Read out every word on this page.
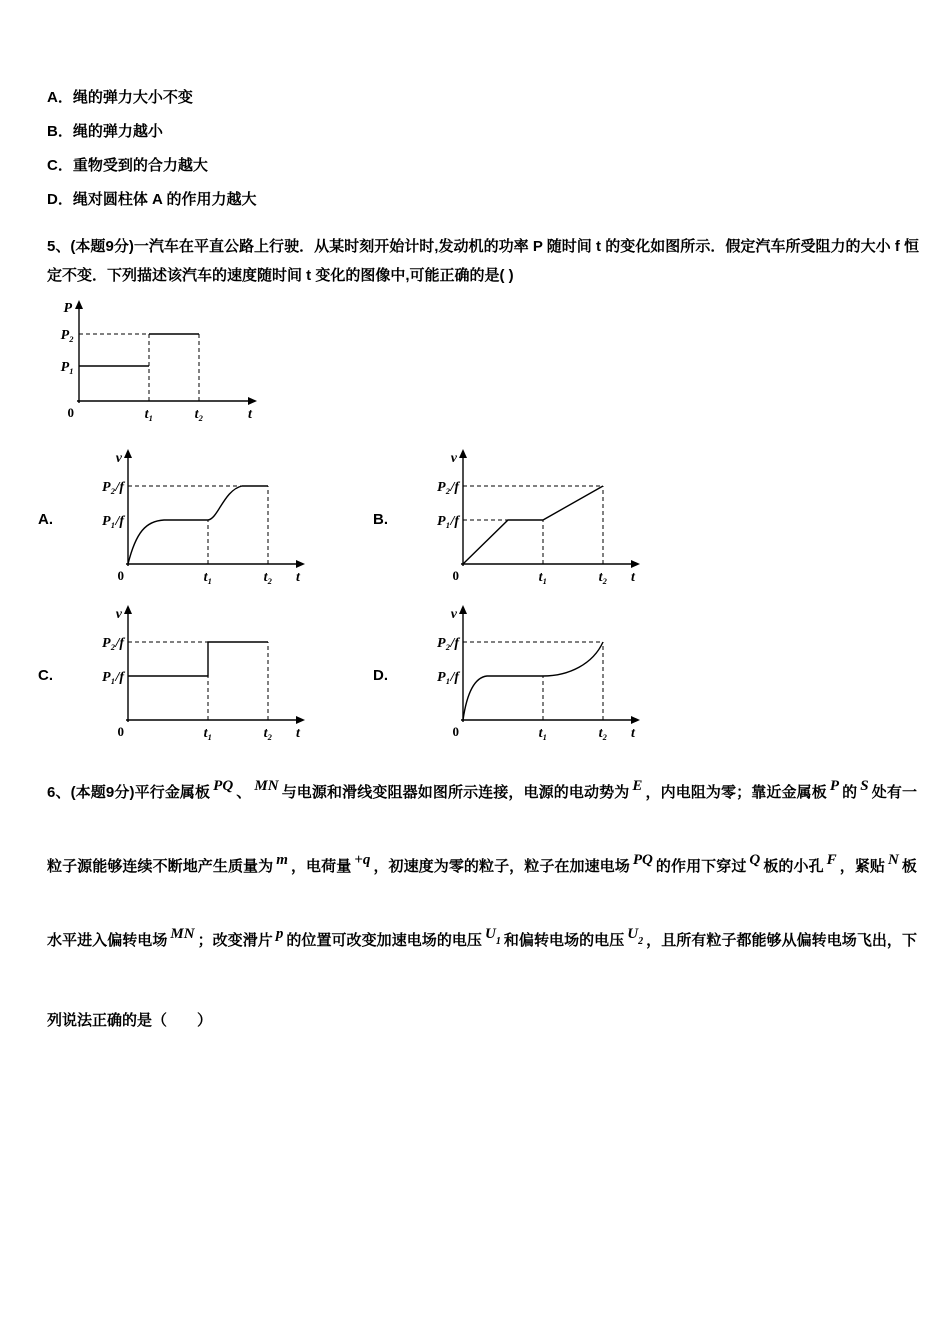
A．绳的弹力大小不变
B．绳的弹力越小
C．重物受到的合力越大
D．绳对圆柱体 A 的作用力越大
5、(本题9分)一汽车在平直公路上行驶．从某时刻开始计时,发动机的功率 P 随时间 t 的变化如图所示．假定汽车所受阻力的大小 f 恒定不变．下列描述该汽车的速度随时间 t 变化的图像中,可能正确的是( )
P
P₂
P₁
0	t₁	t₂	t
A.
v
P₂/f
P₁/f
0	t₁	t₂ t
B.
v
P₂/f
P₁/f
0	t₁	t₂ t
C.
v
P₂/f
P₁/f
0	t₁	t₂ t
D.
v
P₂/f
P₁/f
0	t₁	t₂ t
6、(本题9分)平行金属板 PQ 、 MN 与电源和滑线变阻器如图所示连接，电源的电动势为 E ，内电阻为零；靠近金属板 P 的 S 处有一粒子源能够连续不断地产生质量为 m ，电荷量 +q ，初速度为零的粒子，粒子在加速电场 PQ 的作用下穿过 Q 板的小孔 F ，紧贴 N 板水平进入偏转电场 MN ；改变滑片 p 的位置可改变加速电场的电压 $U_1$ 和偏转电场的电压 $U_2$ ，且所有粒子都能够从偏转电场飞出，下列说法正确的是（　　）
